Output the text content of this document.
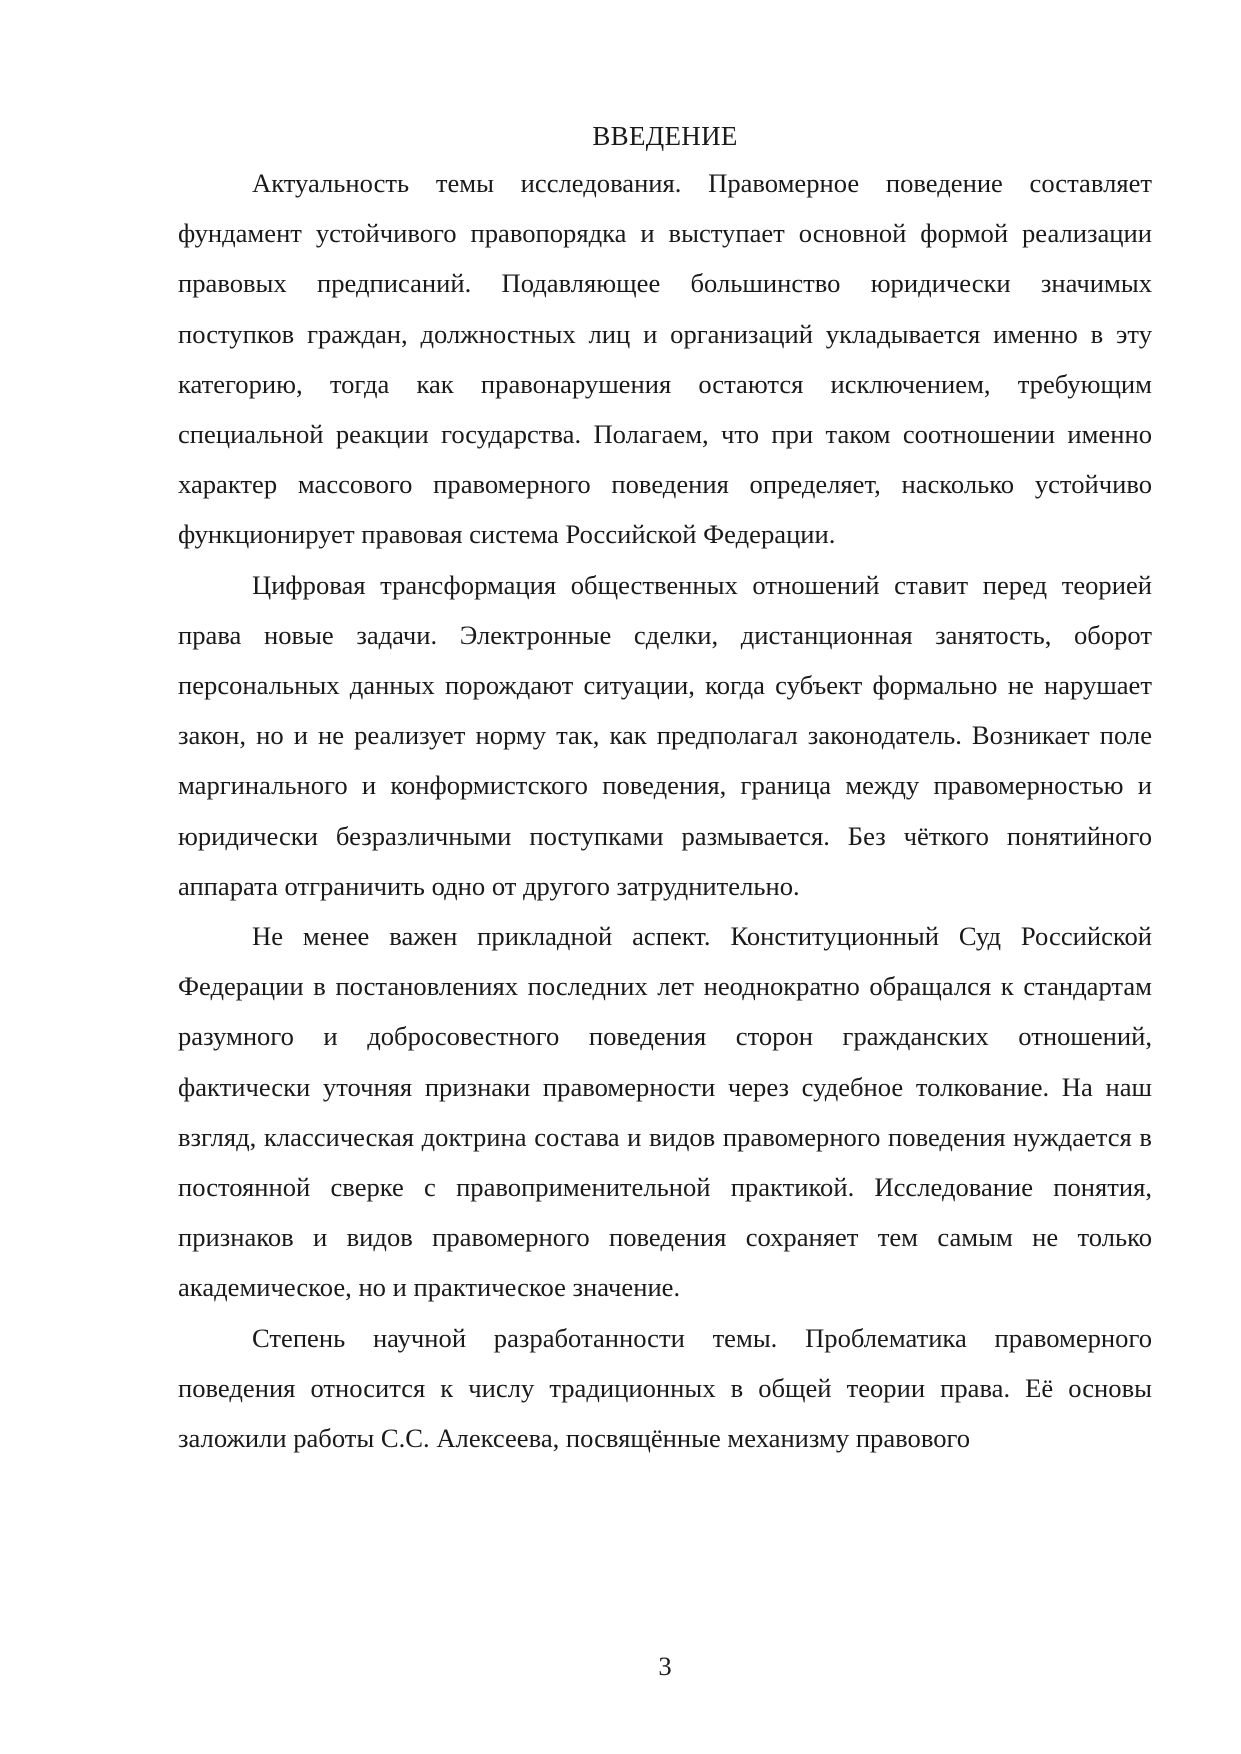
ВВЕДЕНИЕ

Актуальность темы исследования. Правомерное поведение составляет фундамент устойчивого правопорядка и выступает основной формой реализации правовых предписаний. Подавляющее большинство юридически значимых поступков граждан, должностных лиц и организаций укладывается именно в эту категорию, тогда как правонарушения остаются исключением, требующим специальной реакции государства. Полагаем, что при таком соотношении именно характер массового правомерного поведения определяет, насколько устойчиво функционирует правовая система Российской Федерации.

Цифровая трансформация общественных отношений ставит перед теорией права новые задачи. Электронные сделки, дистанционная занятость, оборот персональных данных порождают ситуации, когда субъект формально не нарушает закон, но и не реализует норму так, как предполагал законодатель. Возникает поле маргинального и конформистского поведения, граница между правомерностью и юридически безразличными поступками размывается. Без чёткого понятийного аппарата отграничить одно от другого затруднительно.

Не менее важен прикладной аспект. Конституционный Суд Российской Федерации в постановлениях последних лет неоднократно обращался к стандартам разумного и добросовестного поведения сторон гражданских отношений, фактически уточняя признаки правомерности через судебное толкование. На наш взгляд, классическая доктрина состава и видов правомерного поведения нуждается в постоянной сверке с правоприменительной практикой. Исследование понятия, признаков и видов правомерного поведения сохраняет тем самым не только академическое, но и практическое значение.

Степень научной разработанности темы. Проблематика правомерного поведения относится к числу традиционных в общей теории права. Её основы заложили работы С.С. Алексеева, посвящённые механизму правового

3
